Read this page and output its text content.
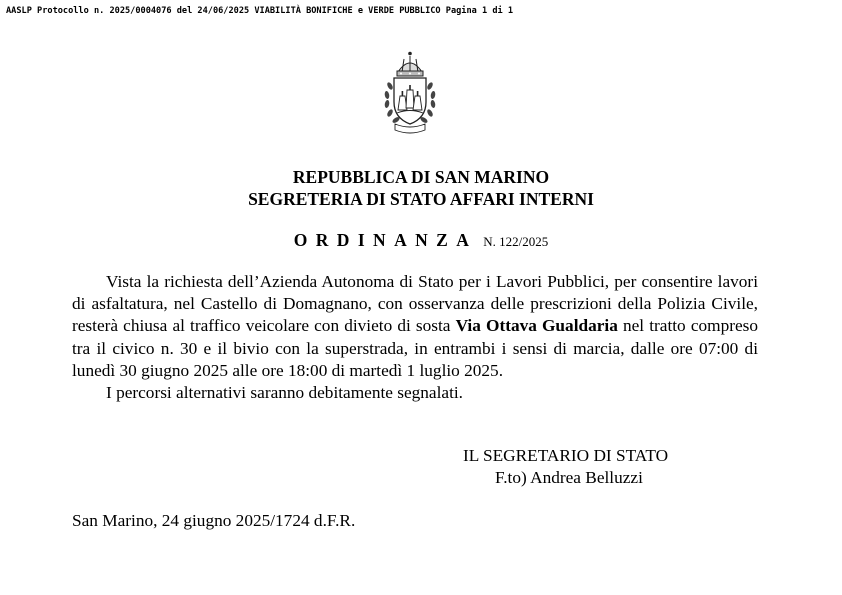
AASLP Protocollo n. 2025/0004076 del 24/06/2025 VIABILITÀ BONIFICHE e VERDE PUBBLICO Pagina 1 di 1
REPUBBLICA DI SAN MARINO
SEGRETERIA DI STATO AFFARI INTERNI
ORDINANZA N. 122/2025

Vista la richiesta dell’Azienda Autonoma di Stato per i Lavori Pubblici, per consentire lavori di asfaltatura, nel Castello di Domagnano, con osservanza delle prescrizioni della Polizia Civile, resterà chiusa al traffico veicolare con divieto di sosta Via Ottava Gualdaria nel tratto compreso tra il civico n. 30 e il bivio con la superstrada, in entrambi i sensi di marcia, dalle ore 07:00 di lunedì 30 giugno 2025 alle ore 18:00 di martedì 1 luglio 2025.

I percorsi alternativi saranno debitamente segnalati.

IL SEGRETARIO DI STATO
F.to) Andrea Belluzzi
San Marino, 24 giugno 2025/1724 d.F.R.
